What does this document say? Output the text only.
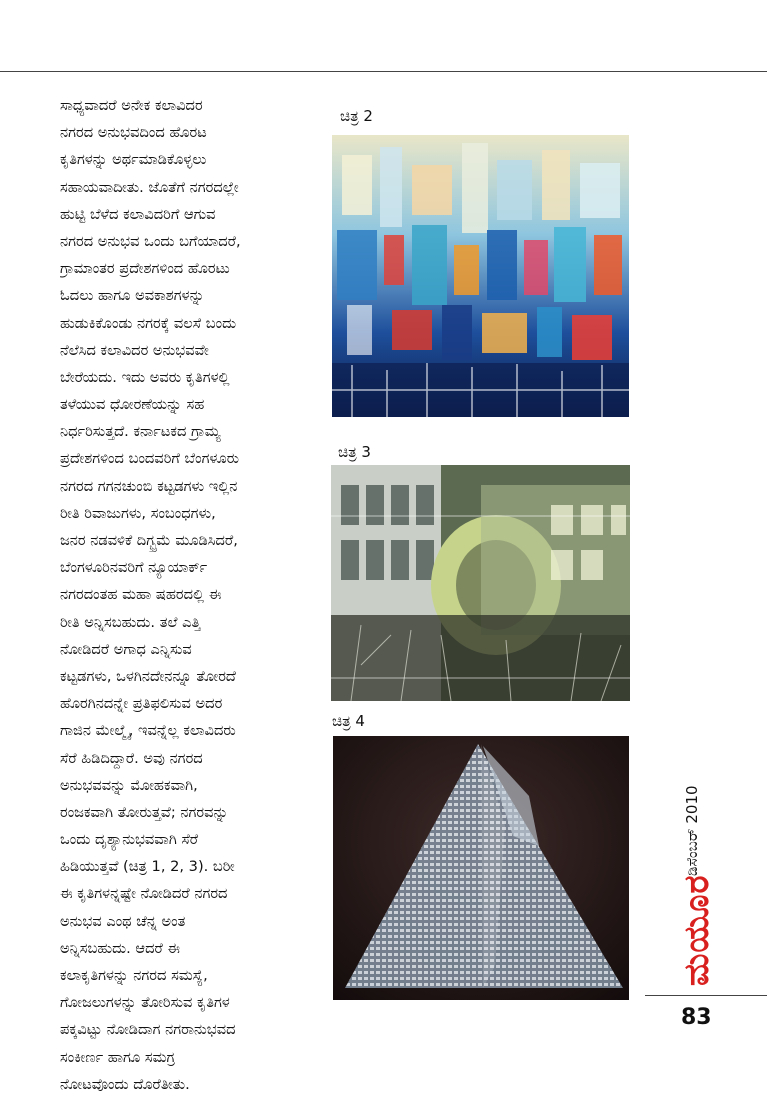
ಸಾಧ್ಯವಾದರೆ ಅನೇಕ ಕಲಾವಿದರ
ನಗರದ ಅನುಭವದಿಂದ ಹೊರಟ
ಕೃತಿಗಳನ್ನು ಅರ್ಥಮಾಡಿಕೊಳ್ಳಲು
ಸಹಾಯವಾದೀತು. ಜೊತೆಗೆ ನಗರದಲ್ಲೇ
ಹುಟ್ಟಿ ಬೆಳೆದ ಕಲಾವಿದರಿಗೆ ಆಗುವ
ನಗರದ ಅನುಭವ ಒಂದು ಬಗೆಯಾದರೆ,
ಗ್ರಾಮಾಂತರ ಪ್ರದೇಶಗಳಿಂದ ಹೊರಟು
ಓದಲು ಹಾಗೂ ಅವಕಾಶಗಳನ್ನು
ಹುಡುಕಿಕೊಂಡು ನಗರಕ್ಕೆ ವಲಸೆ ಬಂದು
ನೆಲೆಸಿದ ಕಲಾವಿದರ ಅನುಭವವೇ
ಬೇರೆಯದು. ಇದು ಅವರು ಕೃತಿಗಳಲ್ಲಿ
ತಳೆಯುವ ಧೋರಣೆಯನ್ನು ಸಹ
ನಿರ್ಧರಿಸುತ್ತದೆ. ಕರ್ನಾಟಕದ ಗ್ರಾಮ್ಯ
ಪ್ರದೇಶಗಳಿಂದ ಬಂದವರಿಗೆ ಬೆಂಗಳೂರು
ನಗರದ ಗಗನಚುಂಬಿ ಕಟ್ಟಡಗಳು ಇಲ್ಲಿನ
ರೀತಿ ರಿವಾಜುಗಳು, ಸಂಬಂಧಗಳು,
ಜನರ ನಡವಳಿಕೆ ದಿಗ್ಭ್ರಮೆ ಮೂಡಿಸಿದರೆ,
ಬೆಂಗಳೂರಿನವರಿಗೆ ನ್ಯೂಯಾರ್ಕ್
ನಗರದಂತಹ ಮಹಾ ಷಹರದಲ್ಲಿ ಈ
ರೀತಿ ಅನ್ನಿಸಬಹುದು. ತಲೆ ಎತ್ತಿ
ನೋಡಿದರೆ ಅಗಾಧ ಎನ್ನಿಸುವ
ಕಟ್ಟಡಗಳು, ಒಳಗಿನದೇನನ್ನೂ ತೋರದೆ
ಹೊರಗಿನದನ್ನೇ ಪ್ರತಿಫಲಿಸುವ ಅದರ
ಗಾಜಿನ ಮೇಲ್ಮೈ, ಇವನ್ನೆಲ್ಲ ಕಲಾವಿದರು
ಸೆರೆ ಹಿಡಿದಿದ್ದಾರೆ. ಅವು ನಗರದ
ಅನುಭವವನ್ನು ಮೋಹಕವಾಗಿ,
ರಂಜಕವಾಗಿ ತೋರುತ್ತವೆ; ನಗರವನ್ನು
ಒಂದು ದೃಶ್ಯಾನುಭವವಾಗಿ ಸೆರೆ
ಹಿಡಿಯುತ್ತವೆ (ಚಿತ್ರ 1, 2, 3). ಬರೀ
ಈ ಕೃತಿಗಳನ್ನಷ್ಟೇ ನೋಡಿದರೆ ನಗರದ
ಅನುಭವ ಎಂಥ ಚೆನ್ನ ಅಂತ
ಅನ್ನಿಸಬಹುದು. ಆದರೆ ಈ
ಕಲಾಕೃತಿಗಳನ್ನು ನಗರದ ಸಮಸ್ಯೆ,
ಗೋಜಲುಗಳನ್ನು ತೋರಿಸುವ ಕೃತಿಗಳ
ಪಕ್ಕವಿಟ್ಟು ನೋಡಿದಾಗ ನಗರಾನುಭವದ
ಸಂಕೀರ್ಣ ಹಾಗೂ ಸಮಗ್ರ
ನೋಟವೊಂದು ದೊರೆತೀತು.
ಚಿತ್ರ 2
ಚಿತ್ರ 3
ಚಿತ್ರ 4
ಡಿಸೆಂಬರ್ 2010
ಮಯೂರ
83
